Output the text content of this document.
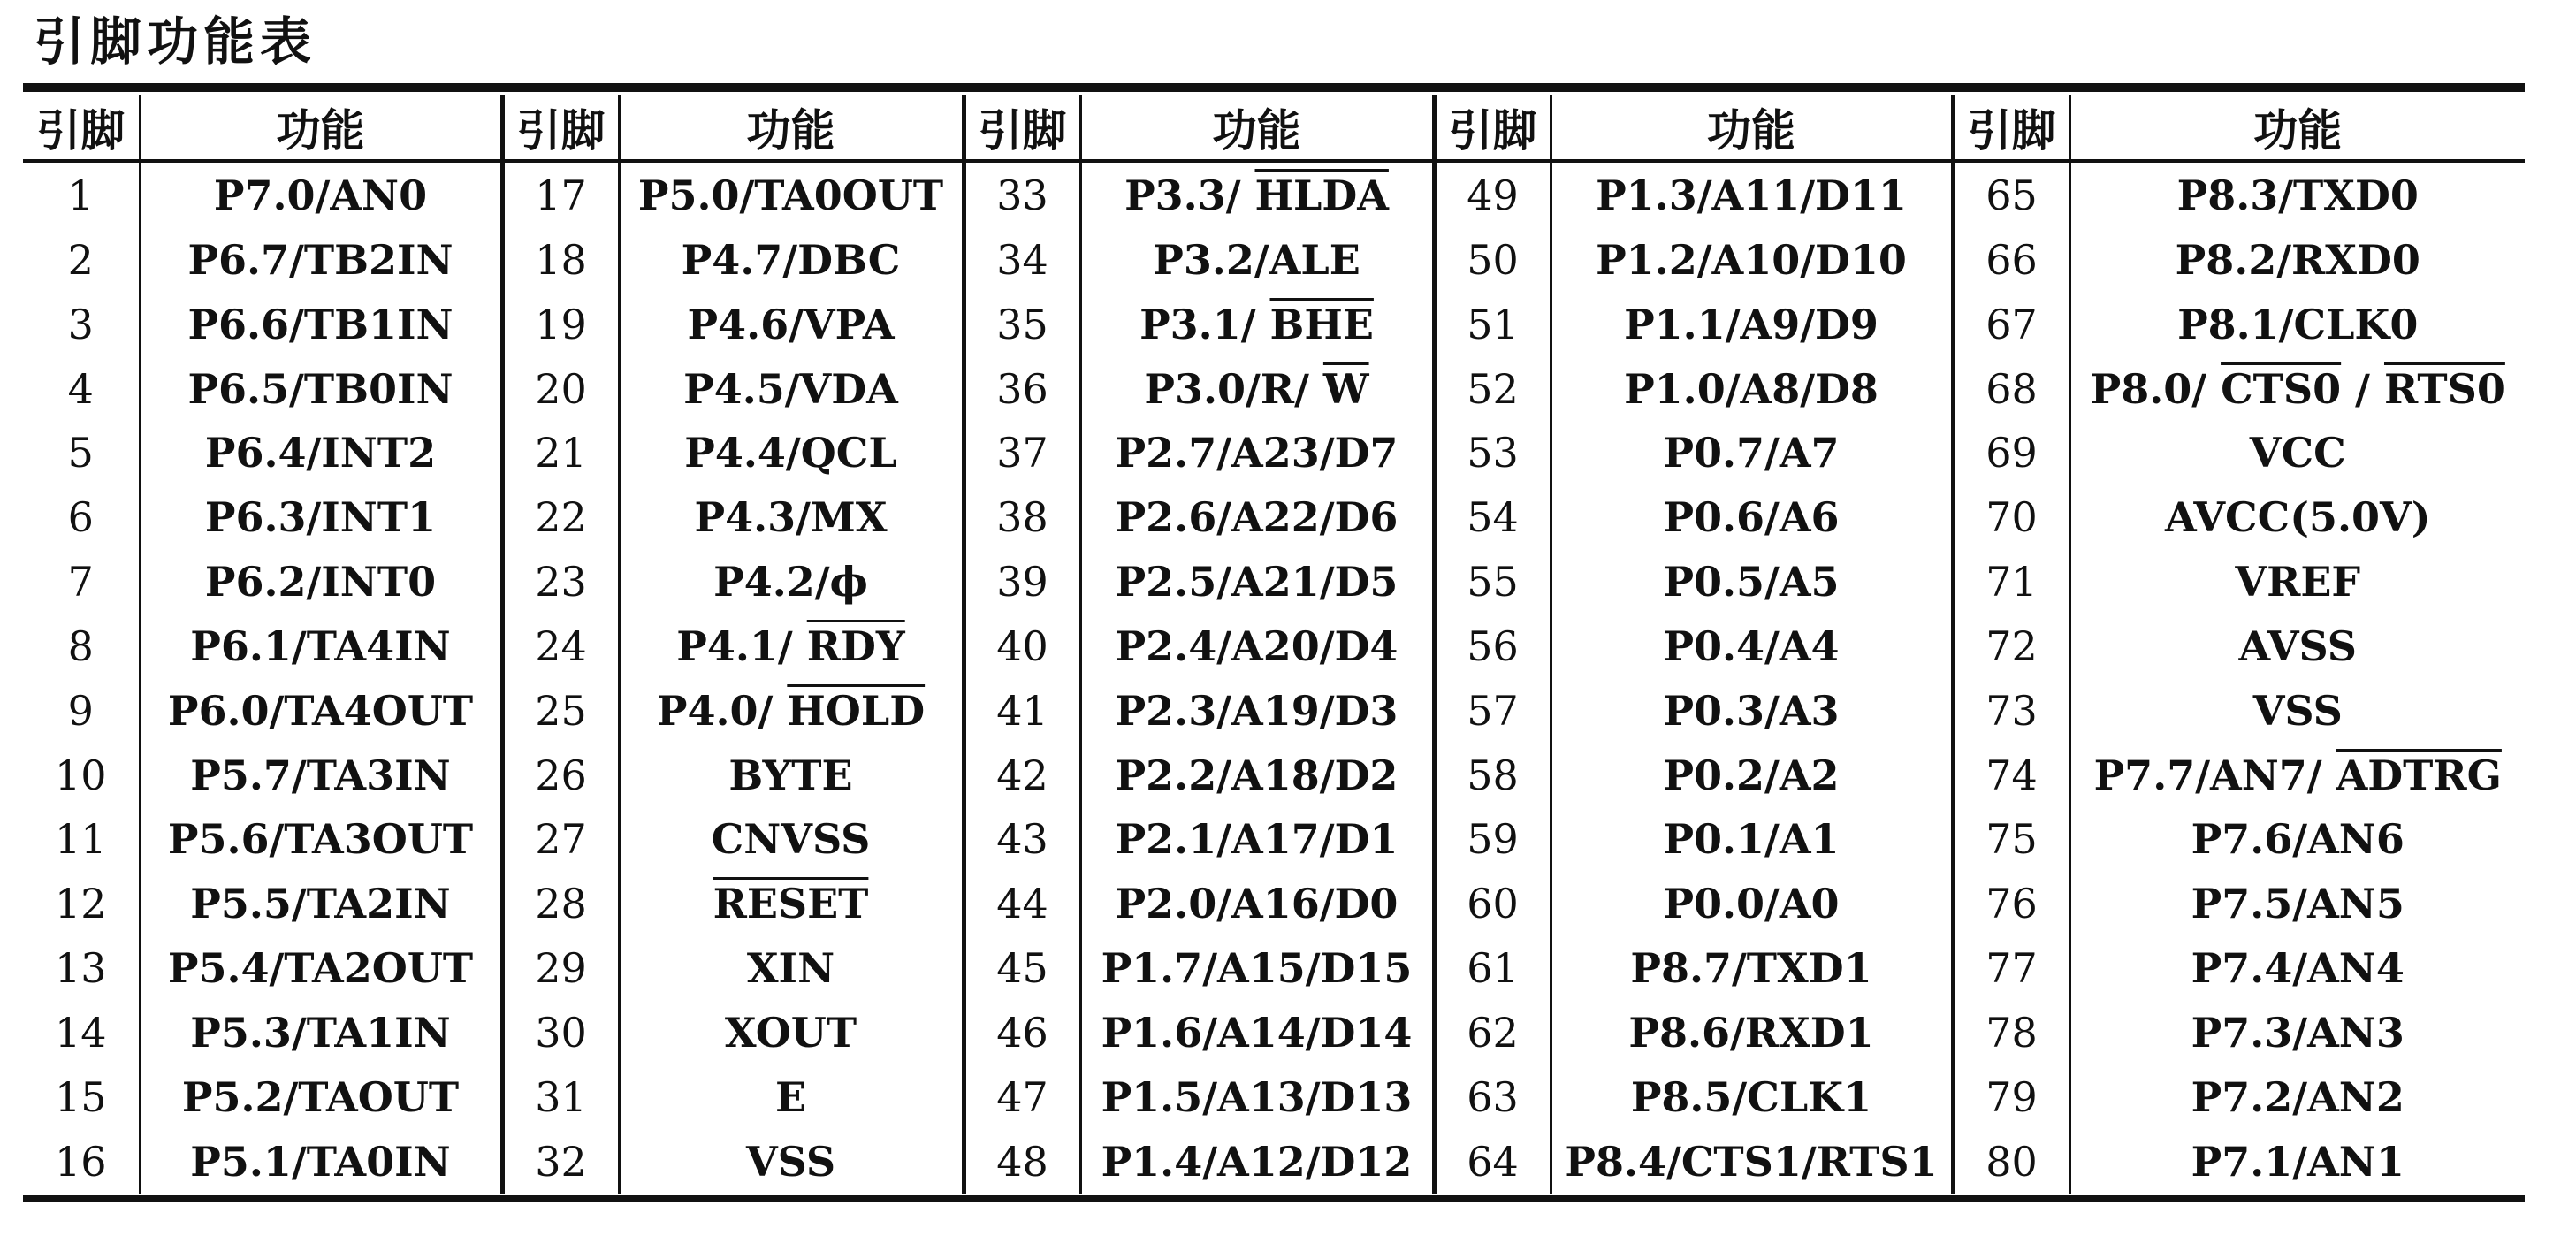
引脚功能表
引脚	功能	引脚	功能	引脚	功能	引脚	功能	引脚	功能
1	P7.0/AN0	17	P5.0/TA0OUT	33	P3.3/ HLDA	49	P1.3/A11/D11	65	P8.3/TXD0
2	P6.7/TB2IN	18	P4.7/DBC	34	P3.2/ALE	50	P1.2/A10/D10	66	P8.2/RXD0
3	P6.6/TB1IN	19	P4.6/VPA	35	P3.1/ $\overline{BHE}$	51	P1.1/A9/D9	67	P8.1/CLK0
4	P6.5/TB0IN	20	P4.5/VDA	36	P3.0/R/ $\overline{W}$	52	P1.0/A8/D8	68	P8.0/ CTS0 / RTS0
5	P6.4/INT2	21	P4.4/QCL	37	P2.7/A23/D7	53	P0.7/A7	69	VCC
6	P6.3/INT1	22	P4.3/MX	38	P2.6/A22/D6	54	P0.6/A6	70	AVCC(5.0V)
7	P6.2/INT0	23	P4.2/ϕ	39	P2.5/A21/D5	55	P0.5/A5	71	VREF
8	P6.1/TA4IN	24	P4.1/ $\overline{RDY}$	40	P2.4/A20/D4	56	P0.4/A4	72	AVSS
9	P6.0/TA4OUT	25	P4.0/ HOLD	41	P2.3/A19/D3	57	P0.3/A3	73	VSS
10	P5.7/TA3IN	26	BYTE	42	P2.2/A18/D2	58	P0.2/A2	74	P7.7/AN7/ ADTRG
11	P5.6/TA3OUT	27	CNVSS	43	P2.1/A17/D1	59	P0.1/A1	75	P7.6/AN6
12	P5.5/TA2IN	28	RESET	44	P2.0/A16/D0	60	P0.0/A0	76	P7.5/AN5
13	P5.4/TA2OUT	29	XIN	45	P1.7/A15/D15	61	P8.7/TXD1	77	P7.4/AN4
14	P5.3/TA1IN	30	XOUT	46	P1.6/A14/D14	62	P8.6/RXD1	78	P7.3/AN3
15	P5.2/TAOUT	31	E	47	P1.5/A13/D13	63	P8.5/CLK1	79	P7.2/AN2
16	P5.1/TA0IN	32	VSS	48	P1.4/A12/D12	64	P8.4/CTS1/RTS1	80	P7.1/AN1
